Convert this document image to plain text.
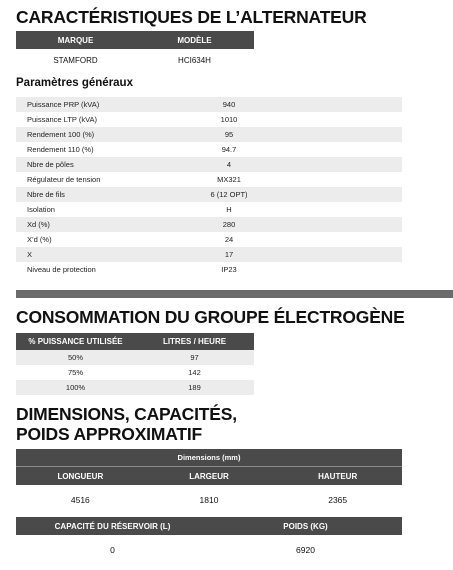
CARACTÉRISTIQUES DE L’ALTERNATEUR
MARQUE	MODÈLE
STAMFORD	HCI634H
Paramètres généraux
Puissance PRP (kVA)	940
Puissance LTP (kVA)	1010
Rendement 100 (%)	95
Rendement 110 (%)	94.7
Nbre de pôles	4
Régulateur de tension	MX321
Nbre de fils	6 (12 OPT)
Isolation	H
Xd (%)	280
X’d (%)	24
X	17
Niveau de protection	IP23
CONSOMMATION DU GROUPE ÉLECTROGÈNE
% PUISSANCE UTILISÉE	LITRES / HEURE
50%	97
75%	142
100%	189
DIMENSIONS, CAPACITÉS,
POIDS APPROXIMATIF
Dimensions (mm)
LONGUEUR	LARGEUR	HAUTEUR
4516	1810	2365
CAPACITÉ DU RÉSERVOIR (L)	POIDS (KG)
0	6920
